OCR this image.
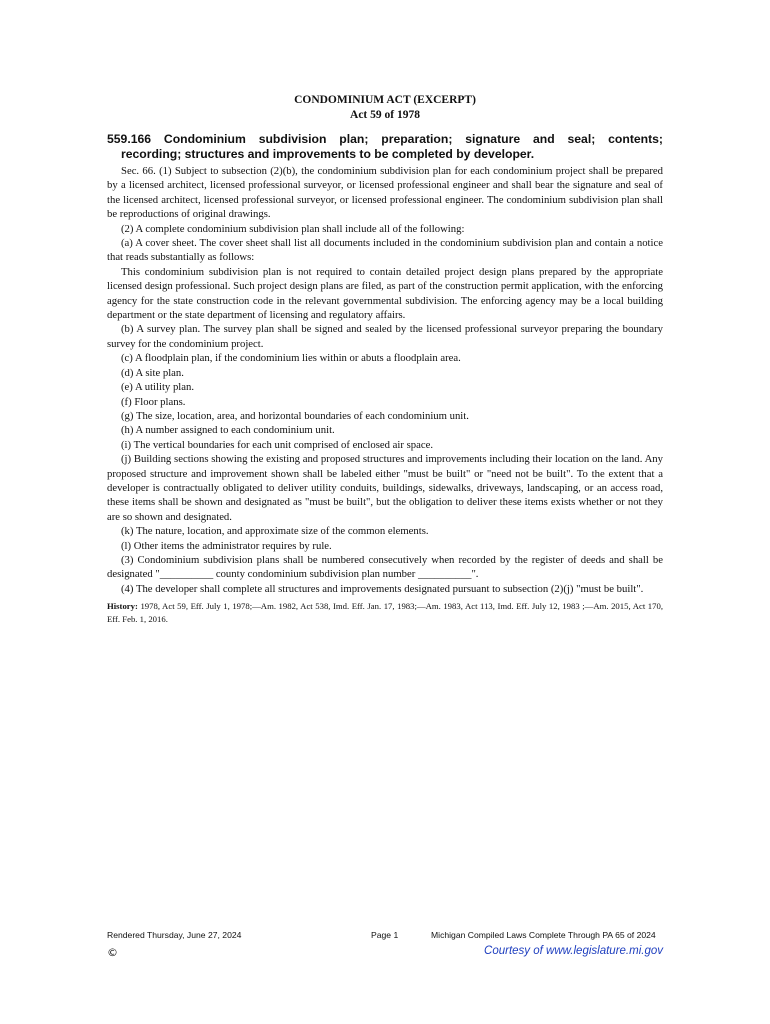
CONDOMINIUM ACT (EXCERPT)
Act 59 of 1978
559.166 Condominium subdivision plan; preparation; signature and seal; contents;
recording; structures and improvements to be completed by developer.

Sec. 66. (1) Subject to subsection (2)(b), the condominium subdivision plan for each condominium project shall be prepared by a licensed architect, licensed professional surveyor, or licensed professional engineer and shall bear the signature and seal of the licensed architect, licensed professional surveyor, or licensed professional engineer. The condominium subdivision plan shall be reproductions of original drawings.

(2) A complete condominium subdivision plan shall include all of the following:

(a) A cover sheet. The cover sheet shall list all documents included in the condominium subdivision plan and contain a notice that reads substantially as follows:

This condominium subdivision plan is not required to contain detailed project design plans prepared by the appropriate licensed design professional. Such project design plans are filed, as part of the construction permit application, with the enforcing agency for the state construction code in the relevant governmental subdivision. The enforcing agency may be a local building department or the state department of licensing and regulatory affairs.

(b) A survey plan. The survey plan shall be signed and sealed by the licensed professional surveyor preparing the boundary survey for the condominium project.

(c) A floodplain plan, if the condominium lies within or abuts a floodplain area.

(d) A site plan.

(e) A utility plan.

(f) Floor plans.

(g) The size, location, area, and horizontal boundaries of each condominium unit.

(h) A number assigned to each condominium unit.

(i) The vertical boundaries for each unit comprised of enclosed air space.

(j) Building sections showing the existing and proposed structures and improvements including their location on the land. Any proposed structure and improvement shown shall be labeled either "must be built" or "need not be built". To the extent that a developer is contractually obligated to deliver utility conduits, buildings, sidewalks, driveways, landscaping, or an access road, these items shall be shown and designated as "must be built", but the obligation to deliver these items exists whether or not they are so shown and designated.

(k) The nature, location, and approximate size of the common elements.

(l) Other items the administrator requires by rule.

(3) Condominium subdivision plans shall be numbered consecutively when recorded by the register of deeds and shall be designated "__________ county condominium subdivision plan number __________".

(4) The developer shall complete all structures and improvements designated pursuant to subsection (2)(j) "must be built".

History: 1978, Act 59, Eff. July 1, 1978;—Am. 1982, Act 538, Imd. Eff. Jan. 17, 1983;—Am. 1983, Act 113, Imd. Eff. July 12, 1983 ;—Am. 2015, Act 170, Eff. Feb. 1, 2016.

Rendered Thursday, June 27, 2024	Page 1	Michigan Compiled Laws Complete Through PA 65 of 2024
©	Courtesy of www.legislature.mi.gov
